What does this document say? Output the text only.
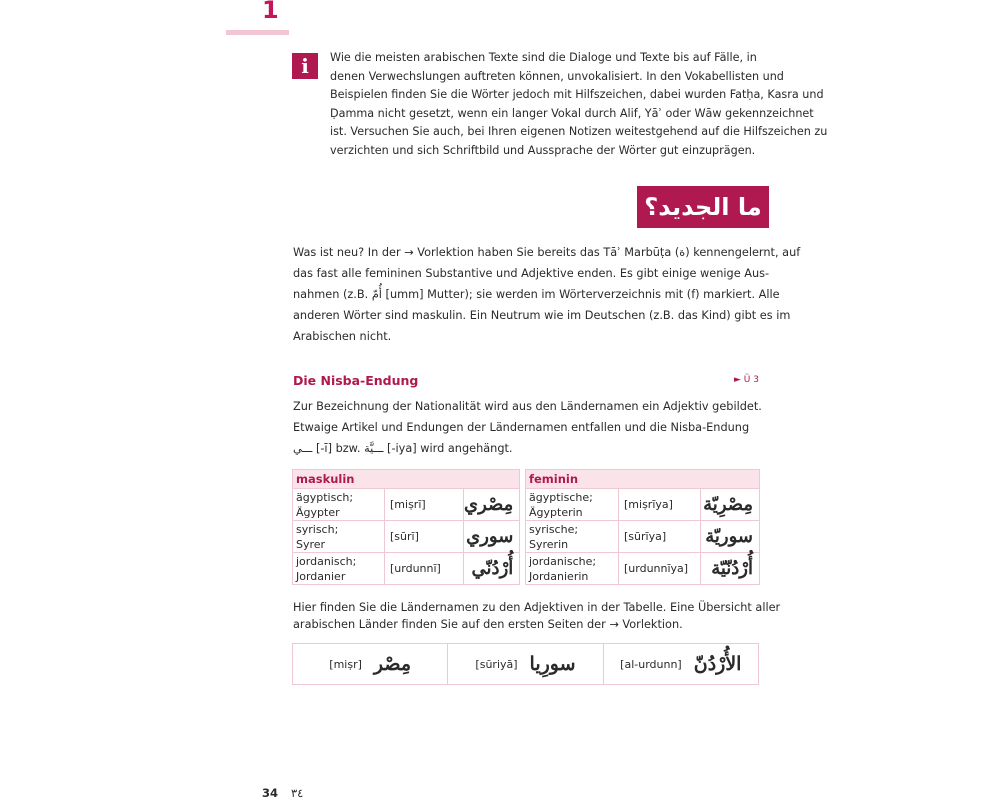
1
i	Wie die meisten arabischen Texte sind die Dialoge und Texte bis auf Fälle, in
denen Verwechslungen auftreten können, unvokalisiert. In den Vokabellisten und
Beispielen finden Sie die Wörter jedoch mit Hilfszeichen, dabei wurden Fatḥa, Kasra und
Ḍamma nicht gesetzt, wenn ein langer Vokal durch Alif, Yāʾ oder Wāw gekennzeichnet
ist. Versuchen Sie auch, bei Ihren eigenen Notizen weitestgehend auf die Hilfszeichen zu
verzichten und sich Schriftbild und Aussprache der Wörter gut einzuprägen.
ما الجديد؟
Was ist neu? In der → Vorlektion haben Sie bereits das Tāʾ Marbūṭa (ة) kennengelernt, auf
das fast alle femininen Substantive und Adjektive enden. Es gibt einige wenige Aus-
nahmen (z.B. أُمّ [umm] Mutter); sie werden im Wörterverzeichnis mit (f) markiert. Alle
anderen Wörter sind maskulin. Ein Neutrum wie im Deutschen (z.B. das Kind) gibt es im
Arabischen nicht.
Die Nisba-Endung	► Ü 3
Zur Bezeichnung der Nationalität wird aus den Ländernamen ein Adjektiv gebildet.
Etwaige Artikel und Endungen der Ländernamen entfallen und die Nisba-Endung
ـــي [-ī] bzw. ـــيَّة [-iya] wird angehängt.
maskulin		

ägyptisch;
Ägypter	[miṣrī]	مِصْري

syrisch;
Syrer	[sūrī]	سوري

jordanisch;
Jordanier	[urdunnī]	أُرْدُنّي
feminin		

ägyptische;
Ägypterin	[miṣrīya]	مِصْرِيّة

syrische;
Syrerin	[sūrīya]	سوريّة

jordanische;
Jordanierin	[urdunnīya]	أُرْدُنّيّة
Hier finden Sie die Ländernamen zu den Adjektiven in der Tabelle. Eine Übersicht aller
arabischen Länder finden Sie auf den ersten Seiten der → Vorlektion.
[miṣr] مِصْر	[sūriyā] سورِيا	[al-urdunn] الأُرْدُنّ
34 ٣٤
